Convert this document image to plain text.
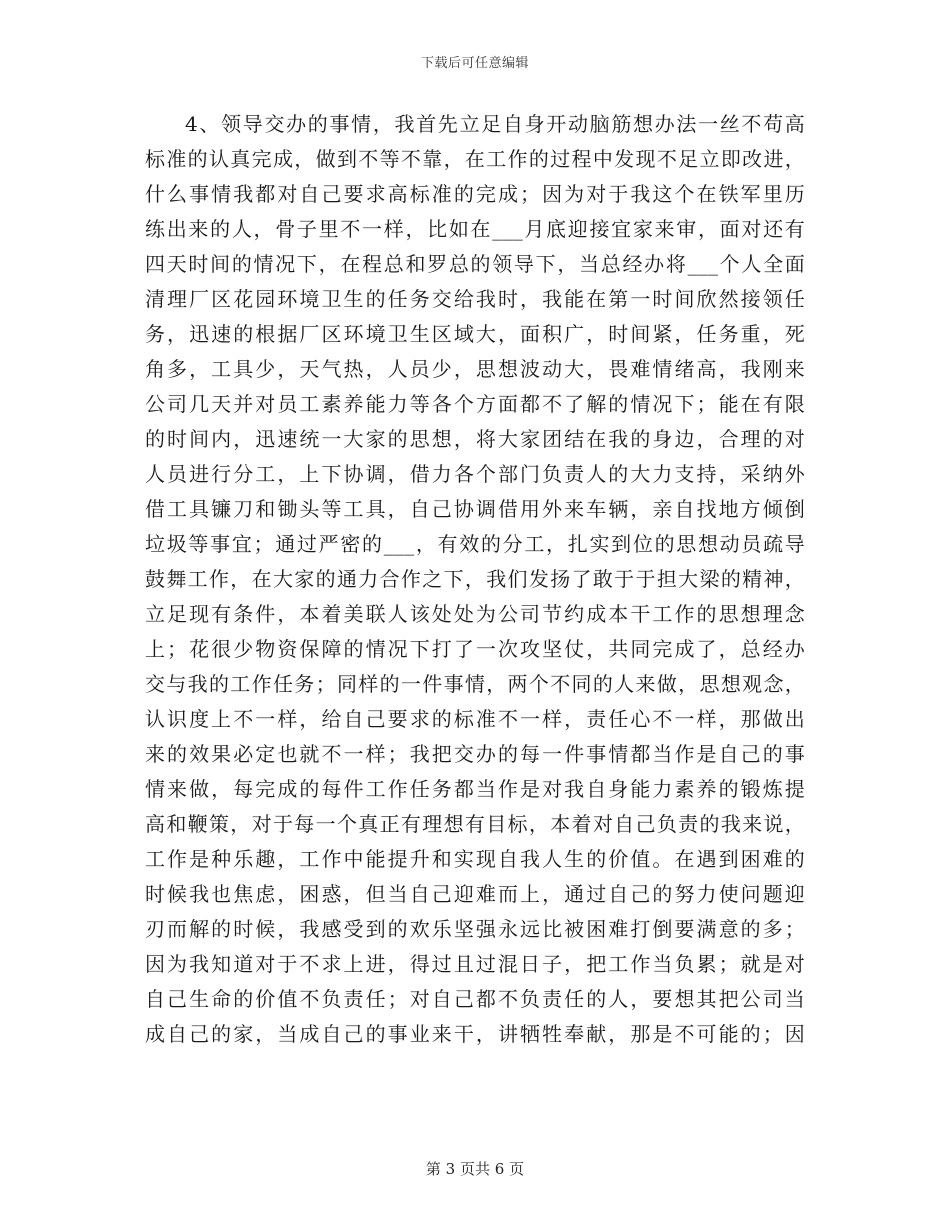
下载后可任意编辑
4、领导交办的事情，我首先立足自身开动脑筋想办法一丝不苟高
标准的认真完成，做到不等不靠，在工作的过程中发现不足立即改进，
什么事情我都对自己要求高标准的完成；因为对于我这个在铁军里历
练出来的人，骨子里不一样，比如在___月底迎接宜家来审，面对还有
四天时间的情况下，在程总和罗总的领导下，当总经办将___个人全面
清理厂区花园环境卫生的任务交给我时，我能在第一时间欣然接领任
务，迅速的根据厂区环境卫生区域大，面积广，时间紧，任务重，死
角多，工具少，天气热，人员少，思想波动大，畏难情绪高，我刚来
公司几天并对员工素养能力等各个方面都不了解的情况下；能在有限
的时间内，迅速统一大家的思想，将大家团结在我的身边，合理的对
人员进行分工，上下协调，借力各个部门负责人的大力支持，采纳外
借工具镰刀和锄头等工具，自己协调借用外来车辆，亲自找地方倾倒
垃圾等事宜；通过严密的___，有效的分工，扎实到位的思想动员疏导
鼓舞工作，在大家的通力合作之下，我们发扬了敢于于担大梁的精神，
立足现有条件，本着美联人该处处为公司节约成本干工作的思想理念
上；花很少物资保障的情况下打了一次攻坚仗，共同完成了，总经办
交与我的工作任务；同样的一件事情，两个不同的人来做，思想观念，
认识度上不一样，给自己要求的标准不一样，责任心不一样，那做出
来的效果必定也就不一样；我把交办的每一件事情都当作是自己的事
情来做，每完成的每件工作任务都当作是对我自身能力素养的锻炼提
高和鞭策，对于每一个真正有理想有目标，本着对自己负责的我来说，
工作是种乐趣，工作中能提升和实现自我人生的价值。在遇到困难的
时候我也焦虑，困惑，但当自己迎难而上，通过自己的努力使问题迎
刃而解的时候，我感受到的欢乐坚强永远比被困难打倒要满意的多；
因为我知道对于不求上进，得过且过混日子，把工作当负累；就是对
自己生命的价值不负责任；对自己都不负责任的人，要想其把公司当
成自己的家，当成自己的事业来干，讲牺牲奉献，那是不可能的；因
第 3 页共 6 页
